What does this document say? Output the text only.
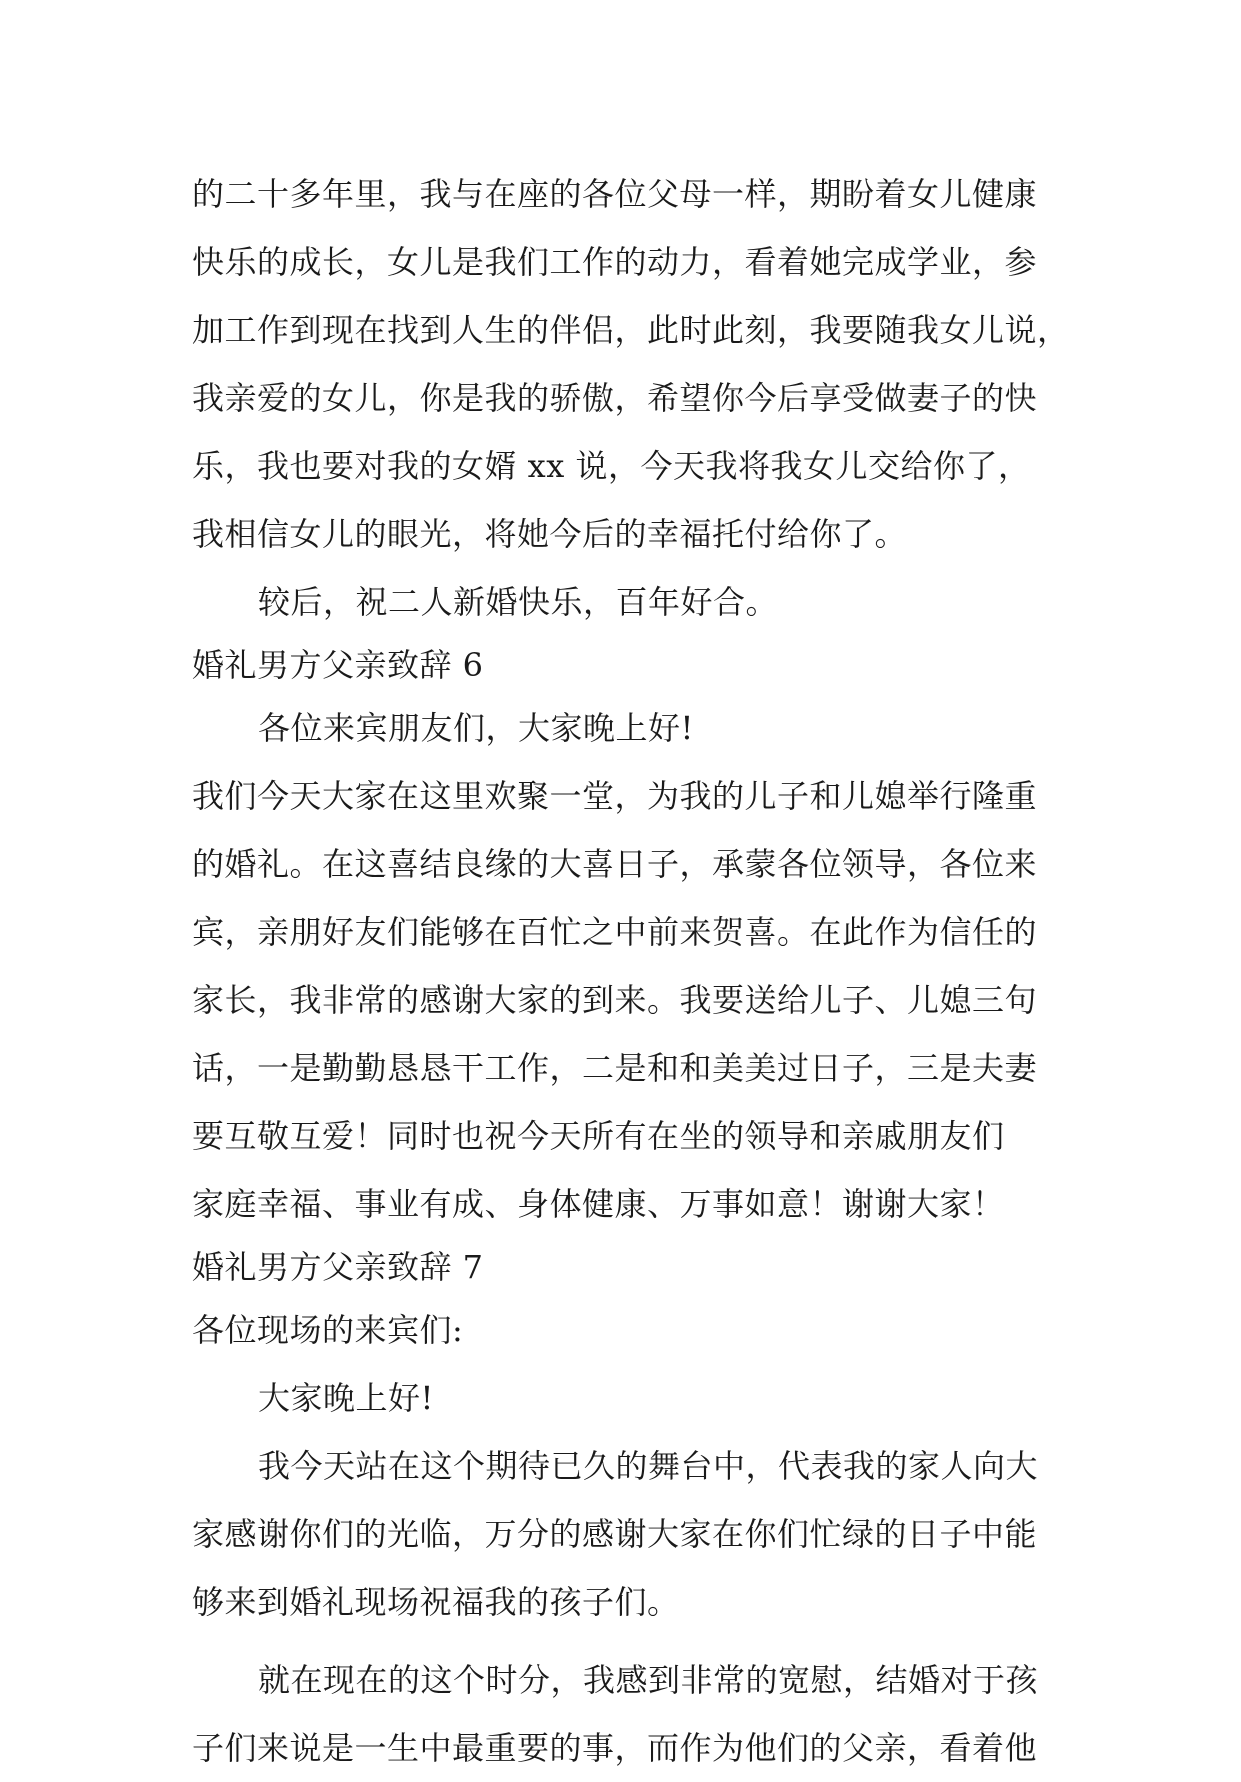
的二十多年里，我与在座的各位父母一样，期盼着女儿健康
快乐的成长，女儿是我们工作的动力，看着她完成学业，参
加工作到现在找到人生的伴侣，此时此刻，我要随我女儿说，
我亲爱的女儿，你是我的骄傲，希望你今后享受做妻子的快
乐，我也要对我的女婿 xx 说，今天我将我女儿交给你了，
我相信女儿的眼光，将她今后的幸福托付给你了。
较后，祝二人新婚快乐，百年好合。
婚礼男方父亲致辞 6
各位来宾朋友们，大家晚上好!
我们今天大家在这里欢聚一堂，为我的儿子和儿媳举行隆重
的婚礼。在这喜结良缘的大喜日子，承蒙各位领导，各位来
宾，亲朋好友们能够在百忙之中前来贺喜。在此作为信任的
家长，我非常的感谢大家的到来。我要送给儿子、儿媳三句
话，一是勤勤恳恳干工作，二是和和美美过日子，三是夫妻
要互敬互爱！同时也祝今天所有在坐的领导和亲戚朋友们
家庭幸福、事业有成、身体健康、万事如意！谢谢大家！
婚礼男方父亲致辞 7
各位现场的来宾们:
大家晚上好!
我今天站在这个期待已久的舞台中，代表我的家人向大
家感谢你们的光临，万分的感谢大家在你们忙绿的日子中能
够来到婚礼现场祝福我的孩子们。
就在现在的这个时分，我感到非常的宽慰，结婚对于孩
子们来说是一生中最重要的事，而作为他们的父亲，看着他
